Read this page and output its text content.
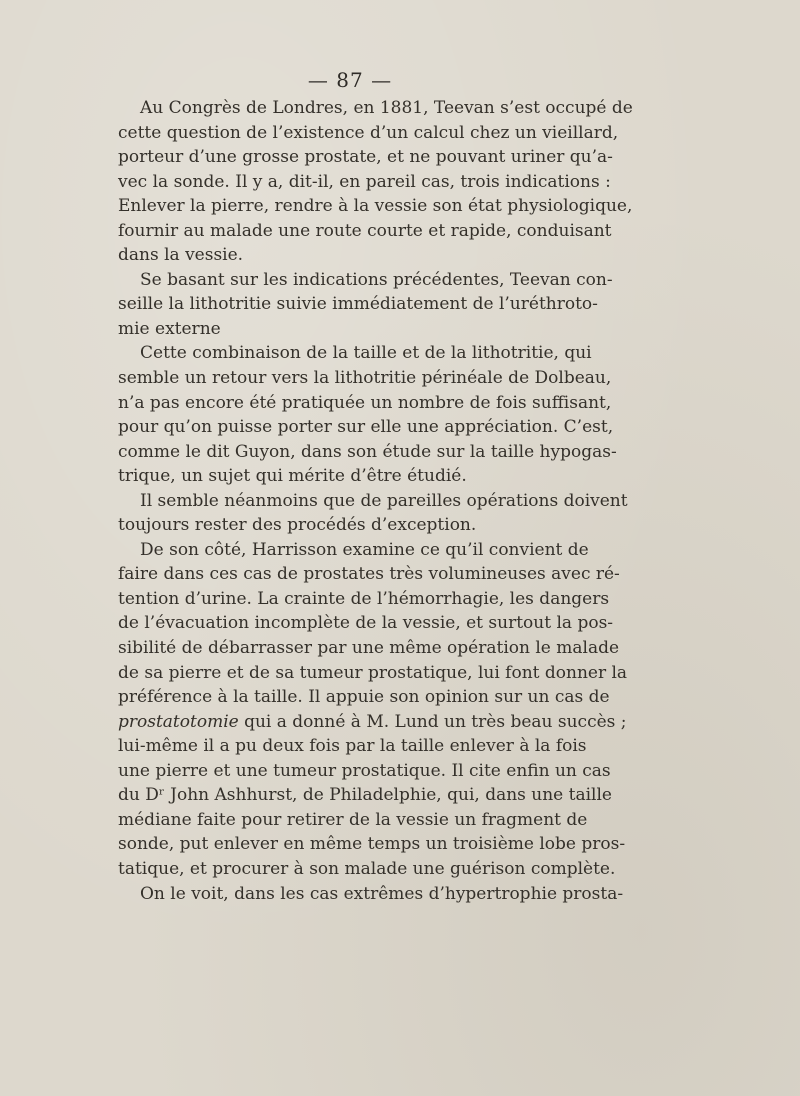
— 87 —
Au Congrès de Londres, en 1881, Teevan s’est occupé de
cette question de l’existence d’un calcul chez un vieillard,
porteur d’une grosse prostate, et ne pouvant uriner qu’a-
vec la sonde. Il y a, dit-il, en pareil cas, trois indications :
Enlever la pierre, rendre à la vessie son état physiologique,
fournir au malade une route courte et rapide, conduisant
dans la vessie.
Se basant sur les indications précédentes, Teevan con-
seille la lithotritie suivie immédiatement de l’uréthroto-
mie externe
Cette combinaison de la taille et de la lithotritie, qui
semble un retour vers la lithotritie périnéale de Dolbeau,
n’a pas encore été pratiquée un nombre de fois suffisant,
pour qu’on puisse porter sur elle une appréciation. C’est,
comme le dit Guyon, dans son étude sur la taille hypogas-
trique, un sujet qui mérite d’être étudié.
Il semble néanmoins que de pareilles opérations doivent
toujours rester des procédés d’exception.
De son côté, Harrisson examine ce qu’il convient de
faire dans ces cas de prostates très volumineuses avec ré-
tention d’urine. La crainte de l’hémorrhagie, les dangers
de l’évacuation incomplète de la vessie, et surtout la pos-
sibilité de débarrasser par une même opération le malade
de sa pierre et de sa tumeur prostatique, lui font donner la
préférence à la taille. Il appuie son opinion sur un cas de
prostatotomie qui a donné à M. Lund un très beau succès ;
lui-même il a pu deux fois par la taille enlever à la fois
une pierre et une tumeur prostatique. Il cite enfin un cas
du Dʳ John Ashhurst, de Philadelphie, qui, dans une taille
médiane faite pour retirer de la vessie un fragment de
sonde, put enlever en même temps un troisième lobe pros-
tatique, et procurer à son malade une guérison complète.
On le voit, dans les cas extrêmes d’hypertrophie prosta-
